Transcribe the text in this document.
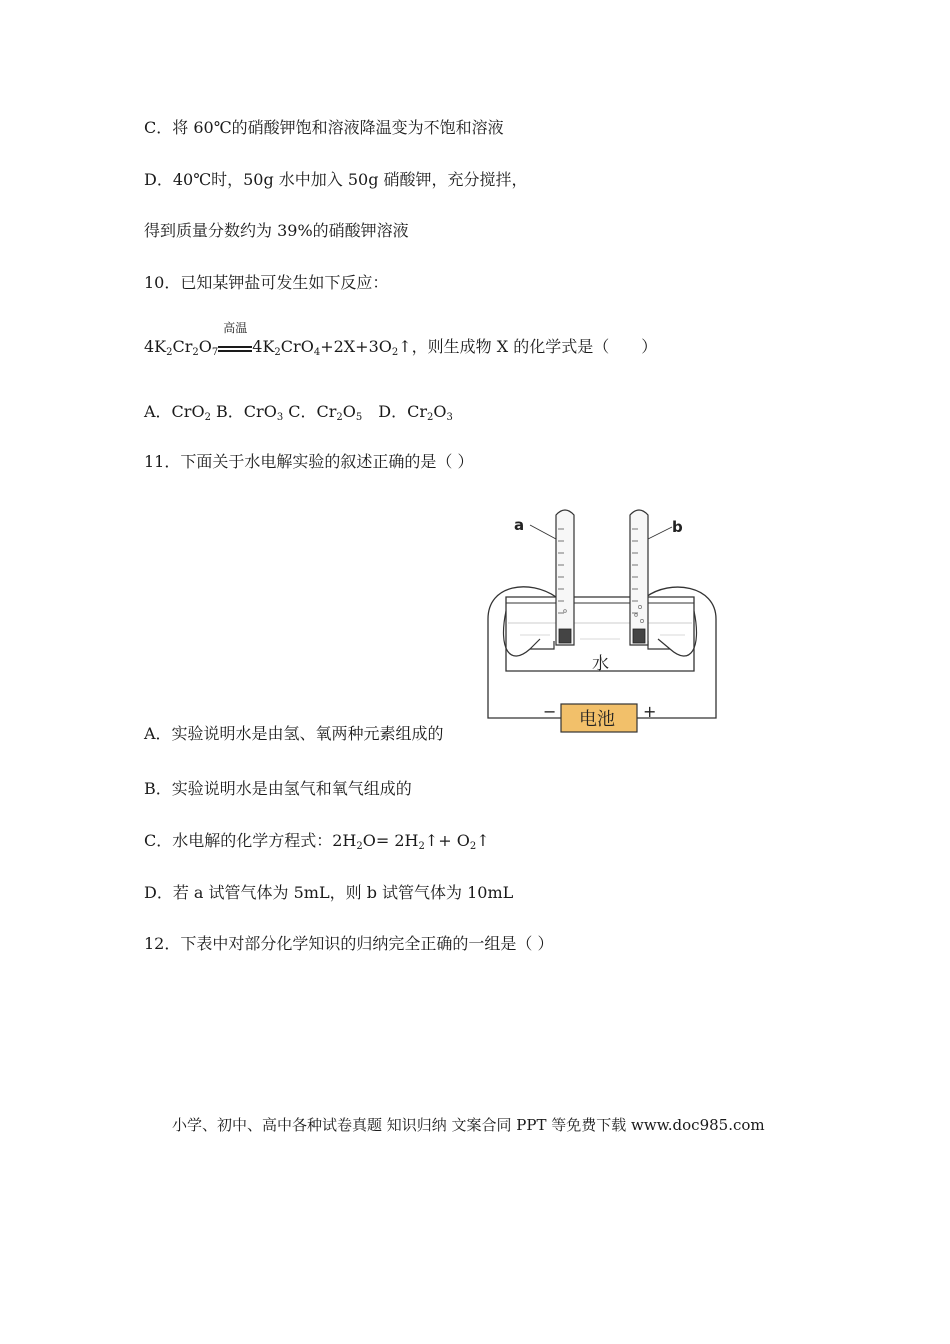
C．将 60℃的硝酸钾饱和溶液降温变为不饱和溶液
D．40℃时，50g 水中加入 50g 硝酸钾，充分搅拌，
得到质量分数约为 39%的硝酸钾溶液
10．已知某钾盐可发生如下反应：
$4K_2Cr_2O_7$
高温
$4K_2CrO_4+2X+3O_2↑$，则生成物 X 的化学式是（　　）
A．CrO$_2$ B．CrO$_3$ C．$Cr_2O_5$　D．$Cr_2O_3$
11．下面关于水电解实验的叙述正确的是（ ）
a	b
水
电池
−	+
A．实验说明水是由氢、氧两种元素组成的
B．实验说明水是由氢气和氧气组成的
C．水电解的化学方程式：$2H_2O=$ $2H_2↑+$ $O_2↑$
D．若 a 试管气体为 5mL，则 b 试管气体为 10mL
12．下表中对部分化学知识的归纳完全正确的一组是（ ）
小学、初中、高中各种试卷真题 知识归纳 文案合同 PPT 等免费下载 www.doc985.com
